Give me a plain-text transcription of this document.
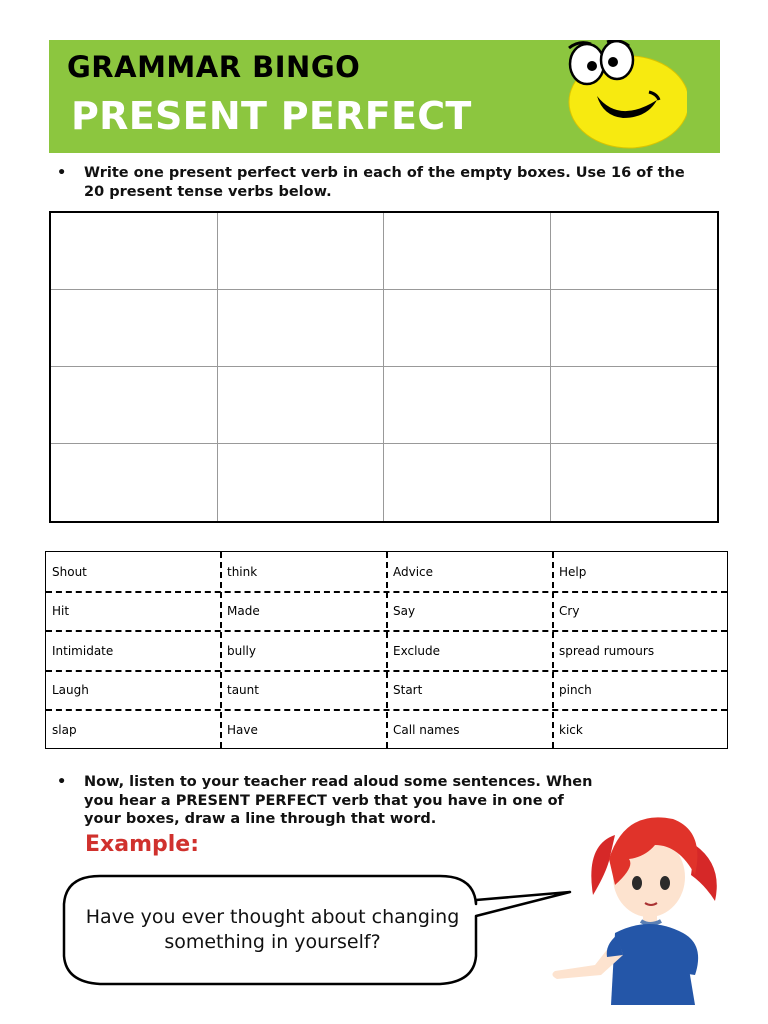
GRAMMAR BINGO
PRESENT PERFECT
• Write one present perfect verb in each of the empty boxes. Use 16 of the 20 present tense verbs below.
Shout	think	Advice	Help
Hit	Made	Say	Cry
Intimidate	bully	Exclude	spread rumours
Laugh	taunt	Start	pinch
slap	Have	Call names	kick
• Now, listen to your teacher read aloud some sentences. When you hear a PRESENT PERFECT verb that you have in one of your boxes, draw a line through that word.
Example:
Have you ever thought about changing something in yourself?
